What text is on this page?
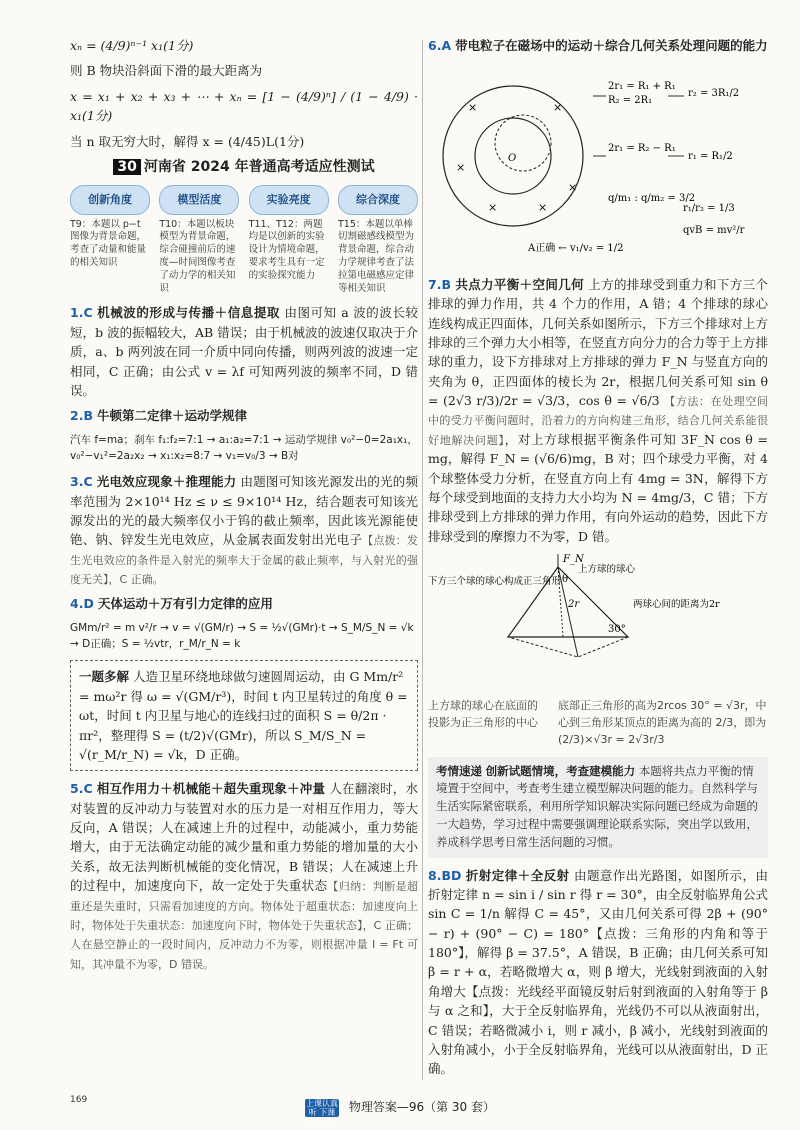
xₙ = (4/9)ⁿ⁻¹ x₁(1分)

则 B 物块沿斜面下滑的最大距离为

x = x₁ + x₂ + x₃ + ⋯ + xₙ = [1 − (4/9)ⁿ] / (1 − 4/9) · x₁(1分)

当 n 取无穷大时，解得 x = (4/45)L(1分)

30 河南省 2024 年普通高考适应性测试
创新角度	模型活度	实验亮度	综合深度
T9：本题以 p−t 图像为背景命题，考查了动量和能量的相关知识
T10：本题以板块模型为背景命题，综合碰撞前后的速度—时间图像考查了动力学的相关知识
T11、T12：两题均是以创新的实验设计为情境命题，要求考生具有一定的实验探究能力
T15：本题以单棒切割磁感线模型为背景命题，综合动力学规律考查了法拉第电磁感应定律等相关知识

1.C 机械波的形成与传播＋信息提取 由图可知 a 波的波长较短，b 波的振幅较大，AB 错误；由于机械波的波速仅取决于介质，a、b 两列波在同一介质中同向传播，则两列波的波速一定相同，C 正确；由公式 v = λf 可知两列波的频率不同，D 错误。

2.B 牛顿第二定律＋运动学规律

汽车 f=ma；刹车 f₁:f₂=7:1 → a₁:a₂=7:1 → 运动学规律 v₀²−0=2a₁x₁，v₀²−v₁²=2a₂x₂ → x₁:x₂=8:7 → v₁=v₀/3 → B对

3.C 光电效应现象＋推理能力 由题图可知该光源发出的光的频率范围为 2×10¹⁴ Hz ≤ ν ≤ 9×10¹⁴ Hz，结合题表可知该光源发出的光的最大频率仅小于钨的截止频率，因此该光源能使铯、钠、锌发生光电效应，从金属表面发射出光电子【点拨：发生光电效应的条件是入射光的频率大于金属的截止频率，与入射光的强度无关】，C 正确。

4.D 天体运动＋万有引力定律的应用

GMm/r² = m v²/r → v = √(GM/r) → S = ½√(GMr)·t → S_M/S_N = √k → D正确；S = ½vtr，r_M/r_N = k
一题多解 人造卫星环绕地球做匀速圆周运动，由 G Mm/r² = mω²r 得 ω = √(GM/r³)，时间 t 内卫星转过的角度 θ = ωt，时间 t 内卫星与地心的连线扫过的面积 S = θ/2π · πr²，整理得 S = (t/2)√(GMr)，所以 S_M/S_N = √(r_M/r_N) = √k，D 正确。

5.C 相互作用力＋机械能＋超失重现象＋冲量 人在翻滚时，水对装置的反冲动力与装置对水的压力是一对相互作用力，等大反向，A 错误；人在减速上升的过程中，动能减小，重力势能增大，由于无法确定动能的减少量和重力势能的增加量的大小关系，故无法判断机械能的变化情况，B 错误；人在减速上升的过程中，加速度向下，故一定处于失重状态【归纳：判断是超重还是失重时，只需看加速度的方向。物体处于超重状态：加速度向上时，物体处于失重状态：加速度向下时，物体处于失重状态】，C 正确；人在悬空静止的一段时间内，反冲动力不为零，则根据冲量 I = Ft 可知，其冲量不为零，D 错误。

6.A 带电粒子在磁场中的运动＋综合几何关系处理问题的能力

×	×
×
×
×	×
O
2r₁ = R₁ + R₁
R₂ = 2R₁
r₂ = 3R₁/2
2r₁ = R₂ − R₁
r₁ = R₁/2
r₁/r₂ = 1/3
q/m₁ : q/m₂ = 3/2
qvB = mv²/r
A正确 ← v₁/v₂ = 1/2

7.B 共点力平衡＋空间几何 上方的排球受到重力和下方三个排球的弹力作用，共 4 个力的作用，A 错；4 个排球的球心连线构成正四面体，几何关系如图所示，下方三个排球对上方排球的三个弹力大小相等，在竖直方向分力的合力等于上方排球的重力，设下方排球对上方排球的弹力 F_N 与竖直方向的夹角为 θ，正四面体的棱长为 2r，根据几何关系可知 sin θ = (2√3 r/3)/2r = √3/3，cos θ = √6/3 【方法：在处理空间中的受力平衡问题时，沿着力的方向构建三角形，结合几何关系能很好地解决问题】，对上方球根据平衡条件可知 3F_N cos θ = mg，解得 F_N = (√6/6)mg，B 对；四个球受力平衡，对 4 个球整体受力分析，在竖直方向上有 4mg = 3N，解得下方每个球受到地面的支持力大小均为 N = 4mg/3，C 错；下方排球受到上方排球的弹力作用，有向外运动的趋势，因此下方排球受到的摩擦力不为零，D 错。

F_N
θ
30°
2r
上方球的球心
下方三个球的球心构成正三角形
两球心间的距离为2r
上方球的球心在底面的投影为正三角形的中心
底部正三角形的高为2rcos 30° = √3r，中心到三角形某顶点的距离为高的 2/3，即为 (2/3)×√3r = 2√3r/3
考情速递 创新试题情境，考查建模能力 本题将共点力平衡的情境置于空间中，考查考生建立模型解决问题的能力。自然科学与生活实际紧密联系，利用所学知识解决实际问题已经成为命题的一大趋势，学习过程中需要强调理论联系实际，突出学以致用，养成科学思考日常生活问题的习惯。

8.BD 折射定律＋全反射 由题意作出光路图，如图所示，由折射定律 n = sin i / sin r 得 r = 30°，由全反射临界角公式 sin C = 1/n 解得 C = 45°，又由几何关系可得 2β + (90° − r) + (90° − C) = 180°【点拨：三角形的内角和等于 180°】，解得 β = 37.5°，A 错误，B 正确；由几何关系可知 β = r + α，若略微增大 α，则 β 增大，光线射到液面的入射角增大【点拨：光线经平面镜反射后射到液面的入射角等于 β 与 α 之和】，大于全反射临界角，光线仍不可以从液面射出，C 错误；若略微减小 i，则 r 减小，β 减小，光线射到液面的入射角减小，小于全反射临界角，光线可以从液面射出，D 正确。

169	上课认真听 下课练完题 物理答案—96（第 30 套）
